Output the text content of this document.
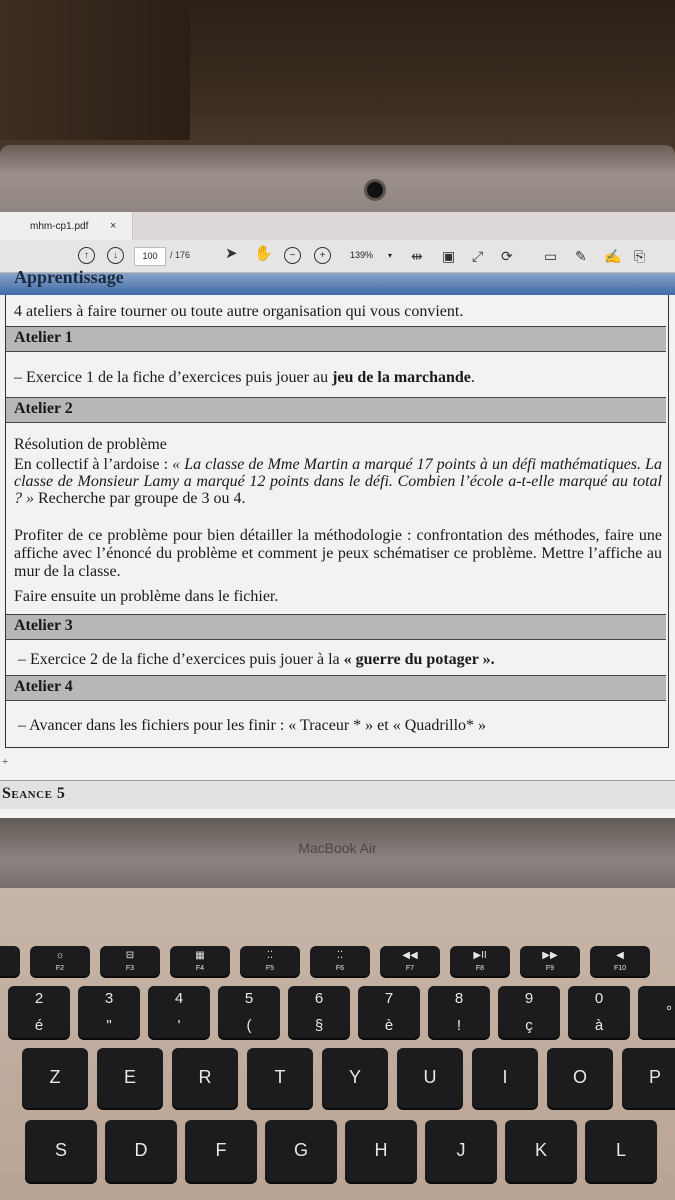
mhm-cp1.pdf ×
↑	↓	100	/ 176 ➤ ✋	−	+	139% ▾ ⇹ ▣ ⤢ ⟳ ▭ ✎ ✍ ⎘
Apprentissage
4 ateliers à faire tourner ou toute autre organisation qui vous convient.
Atelier 1
– Exercice 1 de la fiche d’exercices puis jouer au jeu de la marchande.
Atelier 2
Résolution de problème
En collectif à l’ardoise : « La classe de Mme Martin a marqué 17 points à un défi mathématiques. La classe de Monsieur Lamy a marqué 12 points dans le défi. Combien l’école a-t-elle marqué au total ? » Recherche par groupe de 3 ou 4.
Profiter de ce problème pour bien détailler la méthodologie : confrontation des méthodes, faire une affiche avec l’énoncé du problème et comment je peux schématiser ce problème. Mettre l’affiche au mur de la classe.
Faire ensuite un problème dans le fichier.
Atelier 3
– Exercice 2 de la fiche d’exercices puis jouer à la « guerre du potager ».
Atelier 4
– Avancer dans les fichiers pour les finir : « Traceur * » et « Quadrillo* »
+
Seance 5
MacBook Air
☼
F2
⊟
F3
▦
F4
⁚⁚
F5
⁚⁚
F6
◀◀
F7
▶II
F8
▶▶
F9
◀
F10
2
é
3
"
4
'
5
(
6
§
7
è
8
!
9
ç
0
à
°
Z	E	R	T	Y	U	I	O	P
S	D	F	G	H	J	K	L
